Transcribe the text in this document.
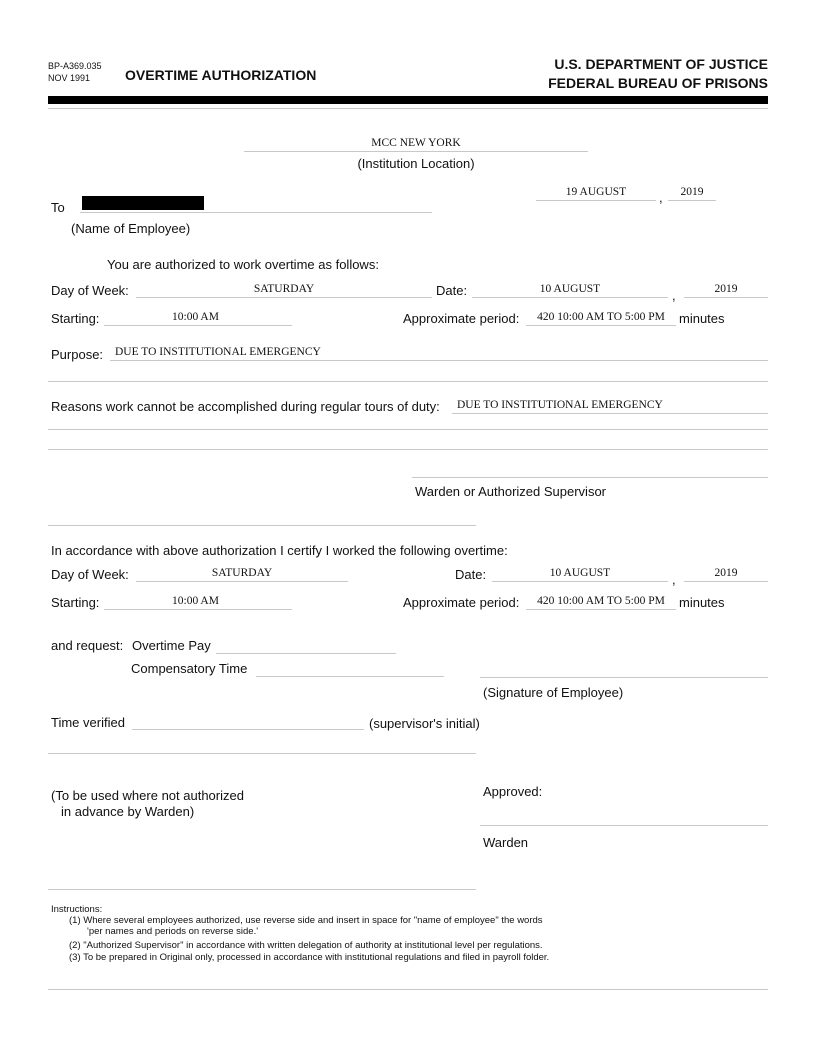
BP-A369.035
NOV 1991 OVERTIME AUTHORIZATION
U.S. DEPARTMENT OF JUSTICE
FEDERAL BUREAU OF PRISONS
MCC NEW YORK
(Institution Location)
19 AUGUST	,	2019
To
(Name of Employee)
You are authorized to work overtime as follows:
Day of Week:	SATURDAY	Date:	10 AUGUST	,	2019
Starting:	10:00 AM	Approximate period:	420 10:00 AM TO 5:00 PM	minutes
Purpose: DUE TO INSTITUTIONAL EMERGENCY
Reasons work cannot be accomplished during regular tours of duty: DUE TO INSTITUTIONAL EMERGENCY
Warden or Authorized Supervisor
In accordance with above authorization I certify I worked the following overtime:
Day of Week:	SATURDAY	Date:	10 AUGUST	,	2019
Starting:	10:00 AM	Approximate period:	420 10:00 AM TO 5:00 PM	minutes
and request: Overtime Pay
Compensatory Time
(Signature of Employee)
Time verified	(supervisor's initial)
(To be used where not authorized
in advance by Warden)
Approved:
Warden
Instructions:
(1) Where several employees authorized, use reverse side and insert in space for "name of employee" the words
'per names and periods on reverse side.'
(2) "Authorized Supervisor" in accordance with written delegation of authority at institutional level per regulations.
(3) To be prepared in Original only, processed in accordance with institutional regulations and filed in payroll folder.
